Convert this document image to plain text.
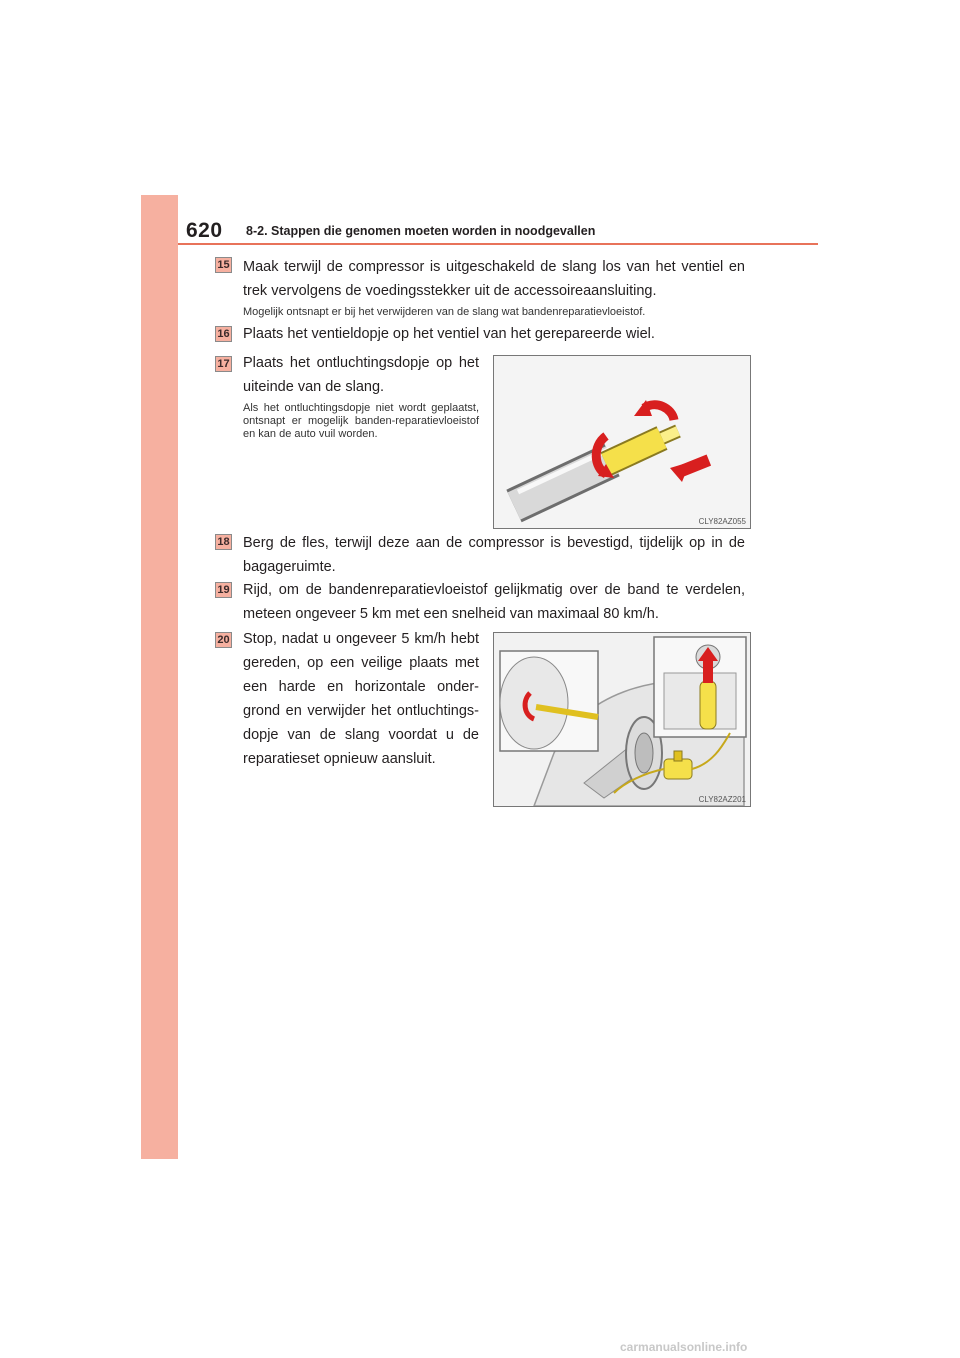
620 8-2. Stappen die genomen moeten worden in noodgevallen
15 Maak terwijl de compressor is uitgeschakeld de slang los van het ventiel en trek vervolgens de voedingsstekker uit de accessoireaansluiting.
Mogelijk ontsnapt er bij het verwijderen van de slang wat bandenreparatievloeistof.
16 Plaats het ventieldopje op het ventiel van het gerepareerde wiel.
17 Plaats het ontluchtingsdopje op het uiteinde van de slang.
Als het ontluchtingsdopje niet wordt geplaatst, ontsnapt er mogelijk banden-reparatievloeistof en kan de auto vuil worden.
CLY82AZ055
18 Berg de fles, terwijl deze aan de compressor is bevestigd, tijdelijk op in de bagageruimte.
19 Rijd, om de bandenreparatievloeistof gelijkmatig over de band te verdelen, meteen ongeveer 5 km met een snelheid van maximaal 80 km/h.
20 Stop, nadat u ongeveer 5 km/h hebt gereden, op een veilige plaats met een harde en horizontale onder-grond en verwijder het ontluchtings-dopje van de slang voordat u de reparatieset opnieuw aansluit.
CLY82AZ201
carmanualsonline.info
